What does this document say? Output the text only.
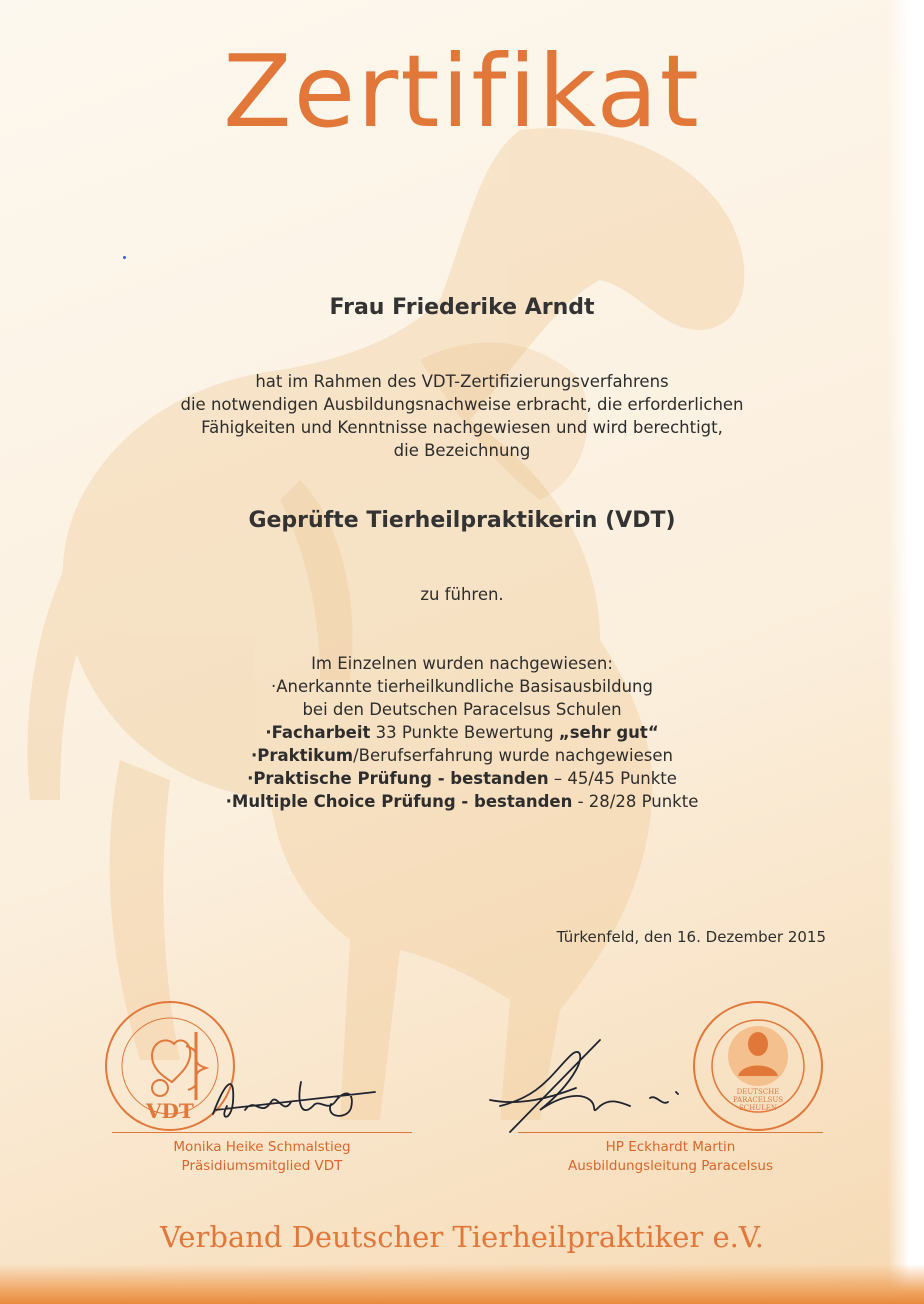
Zertifikat
Frau Friederike Arndt
hat im Rahmen des VDT-Zertifizierungsverfahrens
die notwendigen Ausbildungsnachweise erbracht, die erforderlichen
Fähigkeiten und Kenntnisse nachgewiesen und wird berechtigt,
die Bezeichnung
Geprüfte Tierheilpraktikerin (VDT)
zu führen.
Im Einzelnen wurden nachgewiesen:
·Anerkannte tierheilkundliche Basisausbildung
bei den Deutschen Paracelsus Schulen
·Facharbeit 33 Punkte Bewertung „sehr gut“
·Praktikum/Berufserfahrung wurde nachgewiesen
·Praktische Prüfung - bestanden – 45/45 Punkte
·Multiple Choice Prüfung - bestanden - 28/28 Punkte
Türkenfeld, den 16. Dezember 2015
VDT
DEUTSCHE
PARACELSUS
SCHULEN
Monika Heike Schmalstieg
Präsidiumsmitglied VDT
HP Eckhardt Martin
Ausbildungsleitung Paracelsus
Verband Deutscher Tierheilpraktiker e.V.
